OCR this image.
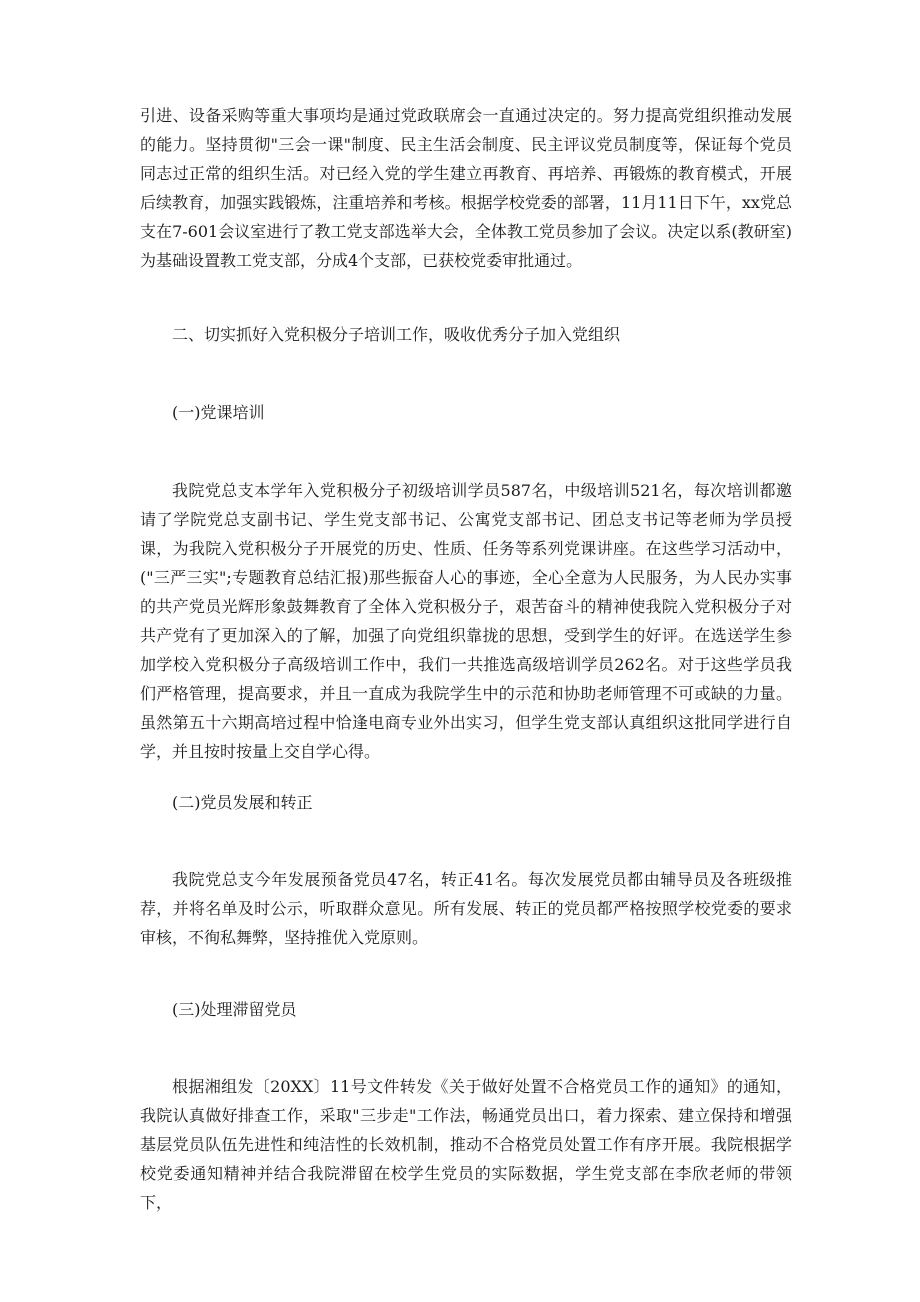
引进、设备采购等重大事项均是通过党政联席会一直通过决定的。努力提高党组织推动发展的能力。坚持贯彻"三会一课"制度、民主生活会制度、民主评议党员制度等，保证每个党员同志过正常的组织生活。对已经入党的学生建立再教育、再培养、再锻炼的教育模式，开展后续教育，加强实践锻炼，注重培养和考核。根据学校党委的部署，11月11日下午，xx党总支在7-601会议室进行了教工党支部选举大会，全体教工党员参加了会议。决定以系(教研室)为基础设置教工党支部，分成4个支部，已获校党委审批通过。

二、切实抓好入党积极分子培训工作，吸收优秀分子加入党组织

(一)党课培训

我院党总支本学年入党积极分子初级培训学员587名，中级培训521名，每次培训都邀请了学院党总支副书记、学生党支部书记、公寓党支部书记、团总支书记等老师为学员授课，为我院入党积极分子开展党的历史、性质、任务等系列党课讲座。在这些学习活动中，("三严三实";专题教育总结汇报)那些振奋人心的事迹，全心全意为人民服务，为人民办实事的共产党员光辉形象鼓舞教育了全体入党积极分子，艰苦奋斗的精神使我院入党积极分子对共产党有了更加深入的了解，加强了向党组织靠拢的思想，受到学生的好评。在选送学生参加学校入党积极分子高级培训工作中，我们一共推选高级培训学员262名。对于这些学员我们严格管理，提高要求，并且一直成为我院学生中的示范和协助老师管理不可或缺的力量。虽然第五十六期高培过程中恰逢电商专业外出实习，但学生党支部认真组织这批同学进行自学，并且按时按量上交自学心得。

(二)党员发展和转正

我院党总支今年发展预备党员47名，转正41名。每次发展党员都由辅导员及各班级推荐，并将名单及时公示，听取群众意见。所有发展、转正的党员都严格按照学校党委的要求审核，不徇私舞弊，坚持推优入党原则。

(三)处理滞留党员

根据湘组发〔20XX〕11号文件转发《关于做好处置不合格党员工作的通知》的通知，我院认真做好排查工作，采取"三步走"工作法，畅通党员出口，着力探索、建立保持和增强基层党员队伍先进性和纯洁性的长效机制，推动不合格党员处置工作有序开展。我院根据学校党委通知精神并结合我院滞留在校学生党员的实际数据，学生党支部在李欣老师的带领下，
